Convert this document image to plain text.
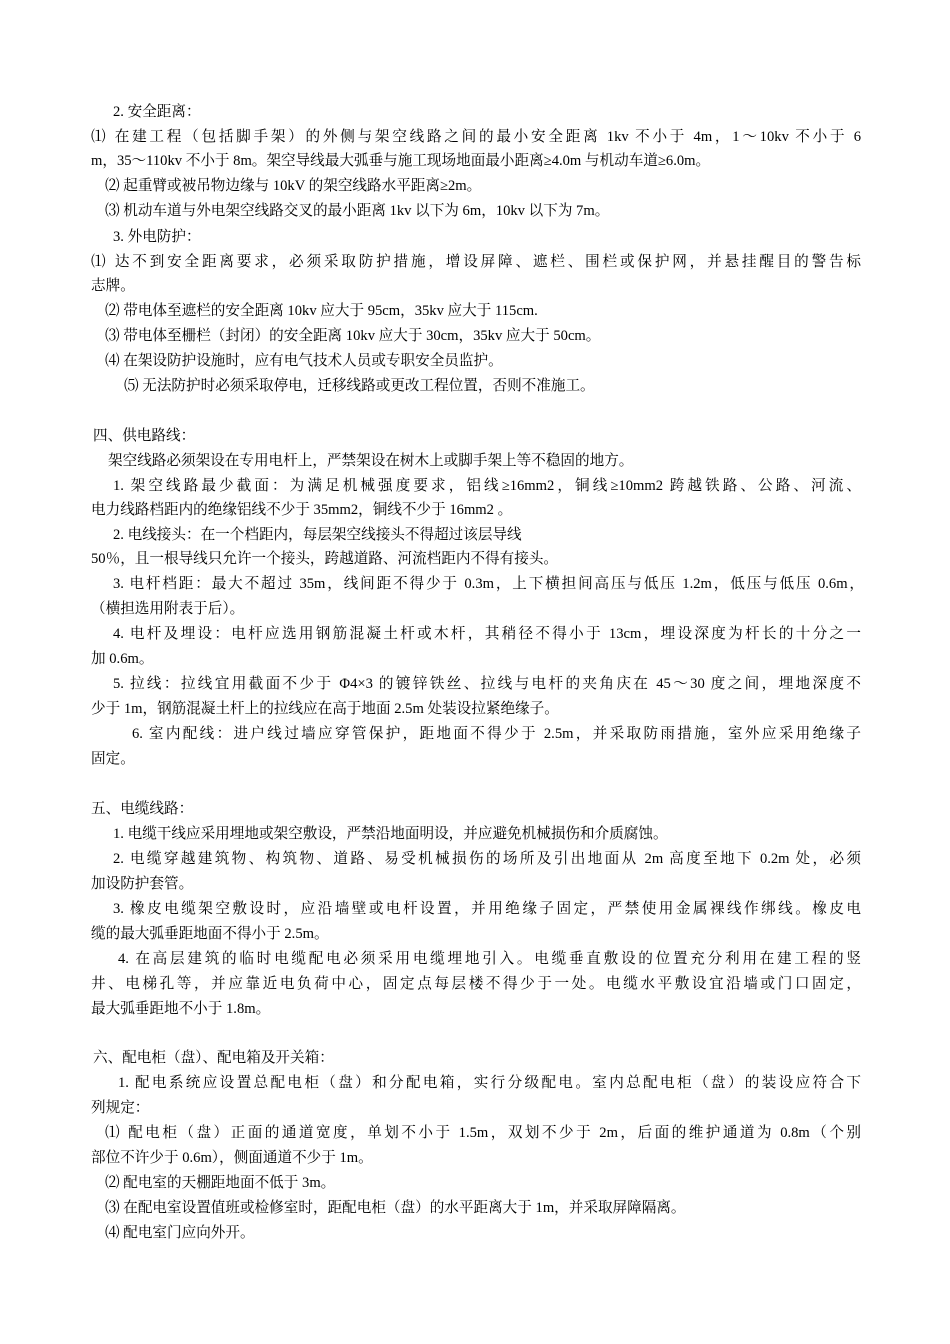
2. 安全距离：
⑴ 在建工程（包括脚手架）的外侧与架空线路之间的最小安全距离 1kv 不小于 4m，1～10kv 不小于 6
m，35～110kv 不小于 8m。架空导线最大弧垂与施工现场地面最小距离≥4.0m 与机动车道≥6.0m。
⑵ 起重臂或被吊物边缘与 10kV 的架空线路水平距离≥2m。
⑶ 机动车道与外电架空线路交叉的最小距离 1kv 以下为 6m，10kv 以下为 7m。
3. 外电防护：
⑴ 达不到安全距离要求，必须采取防护措施，增设屏障、遮栏、围栏或保护网，并悬挂醒目的警告标
志牌。
⑵ 带电体至遮栏的安全距离 10kv 应大于 95cm，35kv 应大于 115cm.
⑶ 带电体至栅栏（封闭）的安全距离 10kv 应大于 30cm，35kv 应大于 50cm。
⑷ 在架设防护设施时，应有电气技术人员或专职安全员监护。
⑸ 无法防护时必须采取停电，迁移线路或更改工程位置，否则不准施工。
四、供电路线：
架空线路必须架设在专用电杆上，严禁架设在树木上或脚手架上等不稳固的地方。
1. 架空线路最少截面：为满足机械强度要求，铝线≥16mm2，铜线≥10mm2 跨越铁路、公路、河流、
电力线路档距内的绝缘铝线不少于 35mm2，铜线不少于 16mm2 。
2. 电线接头：在一个档距内，每层架空线接头不得超过该层导线
50％，且一根导线只允许一个接头，跨越道路、河流档距内不得有接头。
3. 电杆档距：最大不超过 35m，线间距不得少于 0.3m，上下横担间高压与低压 1.2m，低压与低压 0.6m，
（横担选用附表于后）。
4. 电杆及埋设：电杆应选用钢筋混凝土杆或木杆，其稍径不得小于 13cm，埋设深度为杆长的十分之一
加 0.6m。
5. 拉线：拉线宜用截面不少于 Φ4×3 的镀锌铁丝、拉线与电杆的夹角庆在 45～30 度之间，埋地深度不
少于 1m，钢筋混凝土杆上的拉线应在高于地面 2.5m 处装设拉紧绝缘子。
6. 室内配线：进户线过墙应穿管保护，距地面不得少于 2.5m，并采取防雨措施，室外应采用绝缘子
固定。
五、电缆线路：
1. 电缆干线应采用埋地或架空敷设，严禁沿地面明设，并应避免机械损伤和介质腐蚀。
2. 电缆穿越建筑物、构筑物、道路、易受机械损伤的场所及引出地面从 2m 高度至地下 0.2m 处，必须
加设防护套管。
3. 橡皮电缆架空敷设时，应沿墙壁或电杆设置，并用绝缘子固定，严禁使用金属裸线作绑线。橡皮电
缆的最大弧垂距地面不得小于 2.5m。
4. 在高层建筑的临时电缆配电必须采用电缆埋地引入。电缆垂直敷设的位置充分利用在建工程的竖
井、电梯孔等，并应靠近电负荷中心，固定点每层楼不得少于一处。电缆水平敷设宜沿墙或门口固定，
最大弧垂距地不小于 1.8m。
六、配电柜（盘）、配电箱及开关箱：
1. 配电系统应设置总配电柜（盘）和分配电箱，实行分级配电。室内总配电柜（盘）的装设应符合下
列规定：
⑴ 配电柜（盘）正面的通道宽度，单划不小于 1.5m，双划不少于 2m，后面的维护通道为 0.8m（个别
部位不许少于 0.6m），侧面通道不少于 1m。
⑵ 配电室的天棚距地面不低于 3m。
⑶ 在配电室设置值班或检修室时，距配电柜（盘）的水平距离大于 1m，并采取屏障隔离。
⑷ 配电室门应向外开。
